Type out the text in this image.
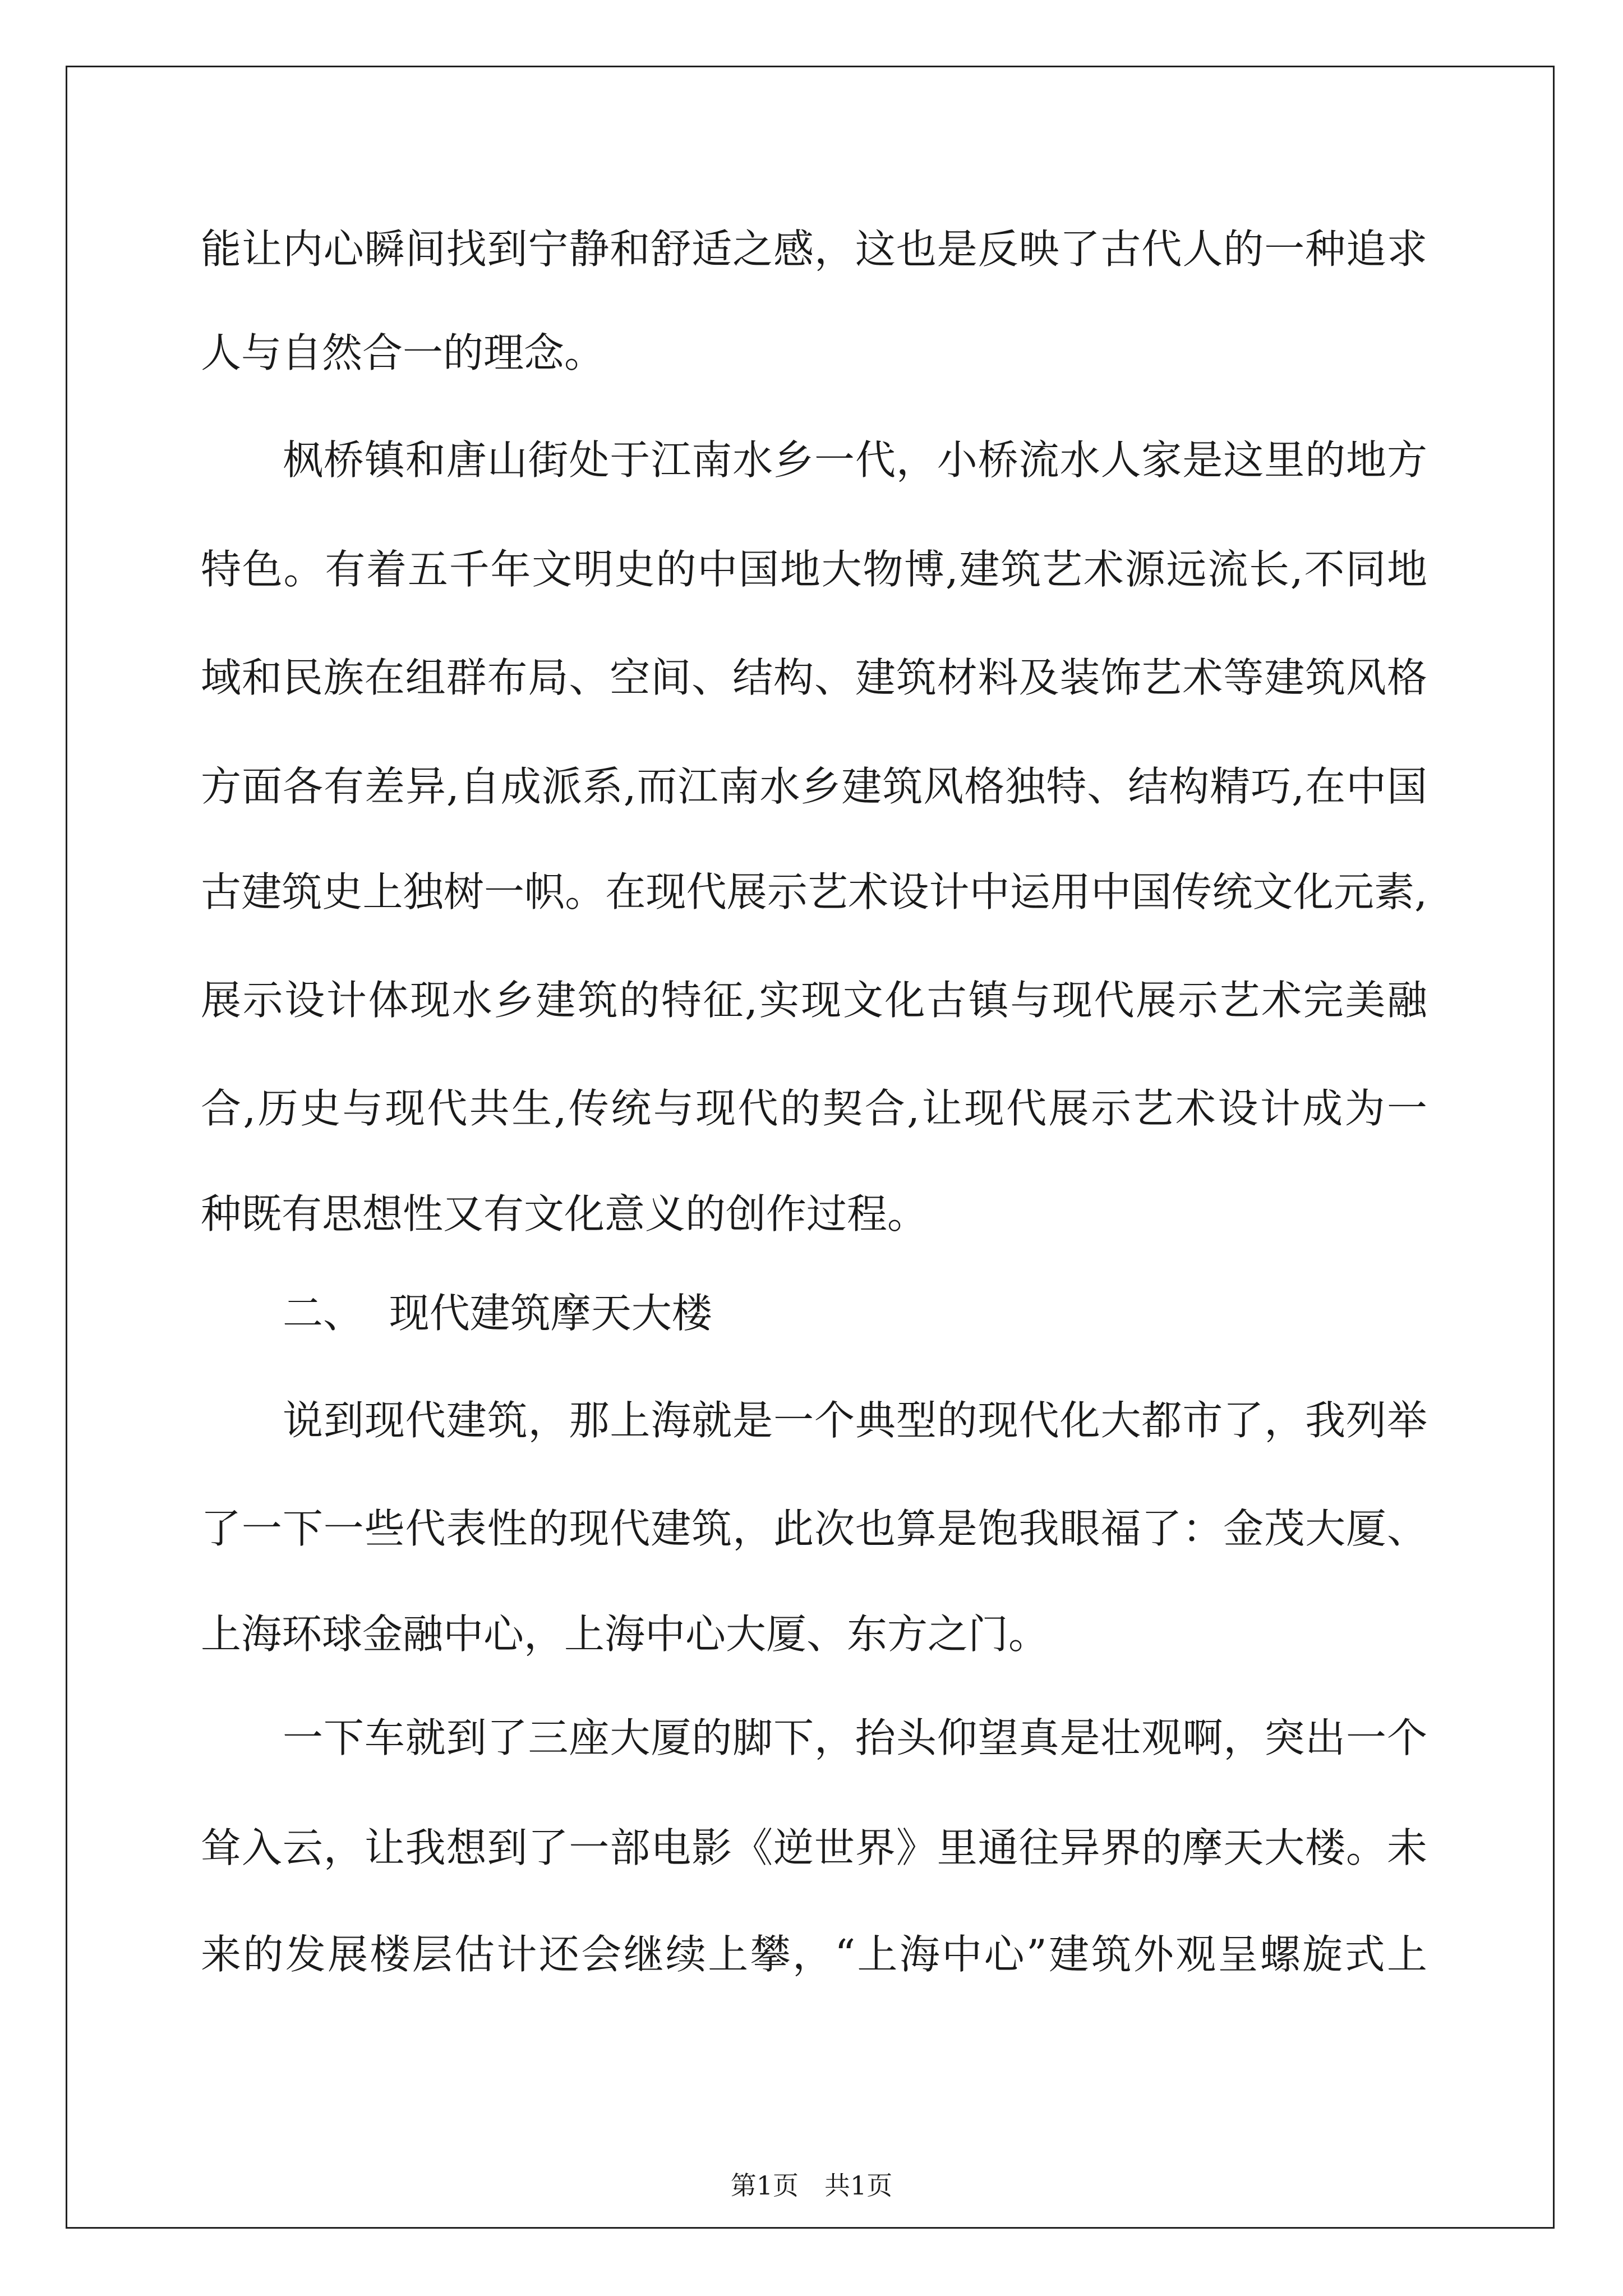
能让内心瞬间找到宁静和舒适之感，这也是反映了古代人的一种追求
人与自然合一的理念。
枫桥镇和唐山街处于江南水乡一代，小桥流水人家是这里的地方
特色。有着五千年文明史的中国地大物博,建筑艺术源远流长,不同地
域和民族在组群布局、空间、结构、建筑材料及装饰艺术等建筑风格
方面各有差异,自成派系,而江南水乡建筑风格独特、结构精巧,在中国
古建筑史上独树一帜。在现代展示艺术设计中运用中国传统文化元素,
展示设计体现水乡建筑的特征,实现文化古镇与现代展示艺术完美融
合,历史与现代共生,传统与现代的契合,让现代展示艺术设计成为一
种既有思想性又有文化意义的创作过程。
二、  现代建筑摩天大楼
说到现代建筑，那上海就是一个典型的现代化大都市了，我列举
了一下一些代表性的现代建筑，此次也算是饱我眼福了：金茂大厦、
上海环球金融中心，上海中心大厦、东方之门。
一下车就到了三座大厦的脚下，抬头仰望真是壮观啊，突出一个
耸入云，让我想到了一部电影《逆世界》里通往异界的摩天大楼。未
来的发展楼层估计还会继续上攀，“上海中心”建筑外观呈螺旋式上
第1页　共1页
